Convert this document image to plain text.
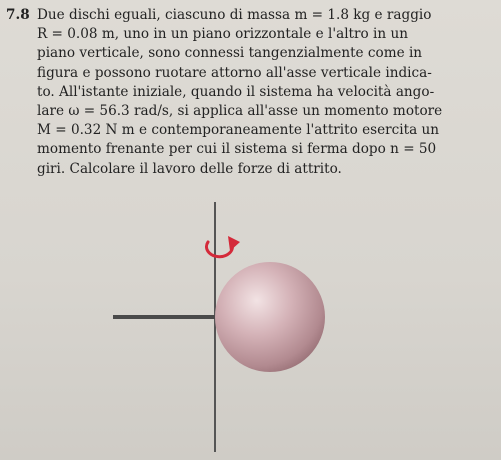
7.8 Due dischi eguali, ciascuno di massa m = 1.8 kg e raggio
R = 0.08 m, uno in un piano orizzontale e l'altro in un
piano verticale, sono connessi tangenzialmente come in
figura e possono ruotare attorno all'asse verticale indica-
to. All'istante iniziale, quando il sistema ha velocità ango-
lare ω = 56.3 rad/s, si applica all'asse un momento motore
M = 0.32 N m e contemporaneamente l'attrito esercita un
momento frenante per cui il sistema si ferma dopo n = 50
giri. Calcolare il lavoro delle forze di attrito.
